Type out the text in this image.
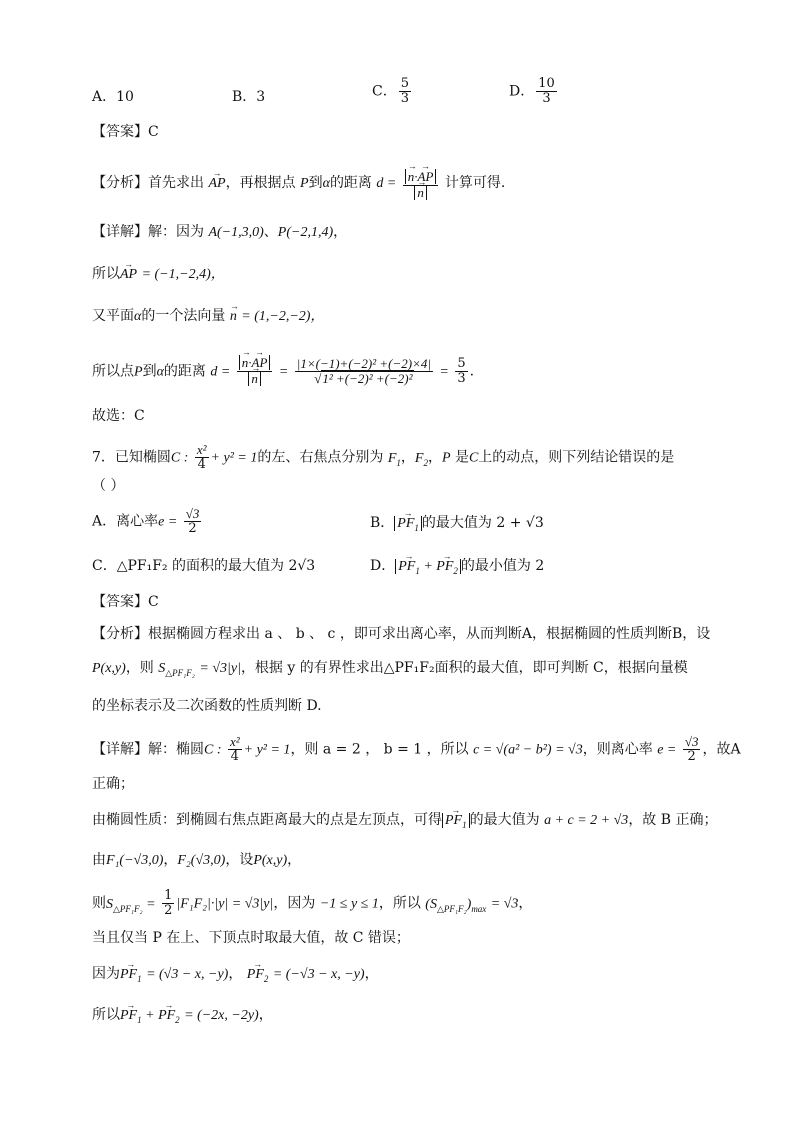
A．10	B．3	C． $\frac{5}{3}$	D． $\frac{10}{3}$
【答案】C
【分析】首先求出 → AP，再根据点 P到α的距离 d = → n·→ AP
→ n 计算可得.
【详解】解：因为 A(−1,3,0)、P(−2,1,4)，
所以→ AP = (−1,−2,4)，
又平面α的一个法向量 → n = (1,−2,−2)，
所以点P到α的距离 d = → n·→ AP
→ $n = \frac{\text{|1×(−1)+(−2)² +(−2)×4|}}{\text{√1² +(−2)² +(−2)²}} = \frac{5}{3}$ .
故选：C
7．已知椭圆C : $\frac{\text{x²}}{4} + y^2 = 1$的左、右焦点分别为 $F_1$，$F_2$，P 是C上的动点，则下列结论错误的是
（ ）
A．离心率$e = \frac{√3}{2}$	B． → $PF_1$ 的最大值为 2 + √3
C．△PF₁F₂ 的面积的最大值为 2√3	D． → $PF_1$ + → $PF_2$ 的最小值为 2
【答案】C
【分析】根据椭圆方程求出 a 、 b 、 c ，即可求出离心率，从而判断A，根据椭圆的性质判断B，设
P(x,y)，则 $S_{\triangle PF_1F_2} = √3|y|$，根据 y 的有界性求出△PF₁F₂面积的最大值，即可判断 C，根据向量模
的坐标表示及二次函数的性质判断 D.
【详解】解：椭圆C : $\frac{\text{x²}}{4} + y^2 = 1$，则 a = 2 ， b = 1 ，所以 c = √(a² − b²) = √3，则离心率 $e = \frac{√3}{2}$ ，故A
正确；
由椭圆性质：到椭圆右焦点距离最大的点是左顶点，可得 → $PF_1$ 的最大值为 a + c = 2 + √3，故 B 正确；
由F₁(−√3,0)，F₂(√3,0)，设P(x,y)，
则$S_{\triangle PF_1F_2} = \frac{1}{2} |F_1F_2|\cdot|y| = √3|y|$，因为 −1 ≤ y ≤ 1，所以 $(S_{\triangle PF_1F_2})_{max} = √3$，
当且仅当 P 在上、下顶点时取最大值，故 C 错误；
因为→ $PF_1 = (√3 - x$, −y)， → $PF_2 = (-√3 - x$, −y)，
所以→ $PF_1$ + → $PF_2 = (-2x$, −2y)，
